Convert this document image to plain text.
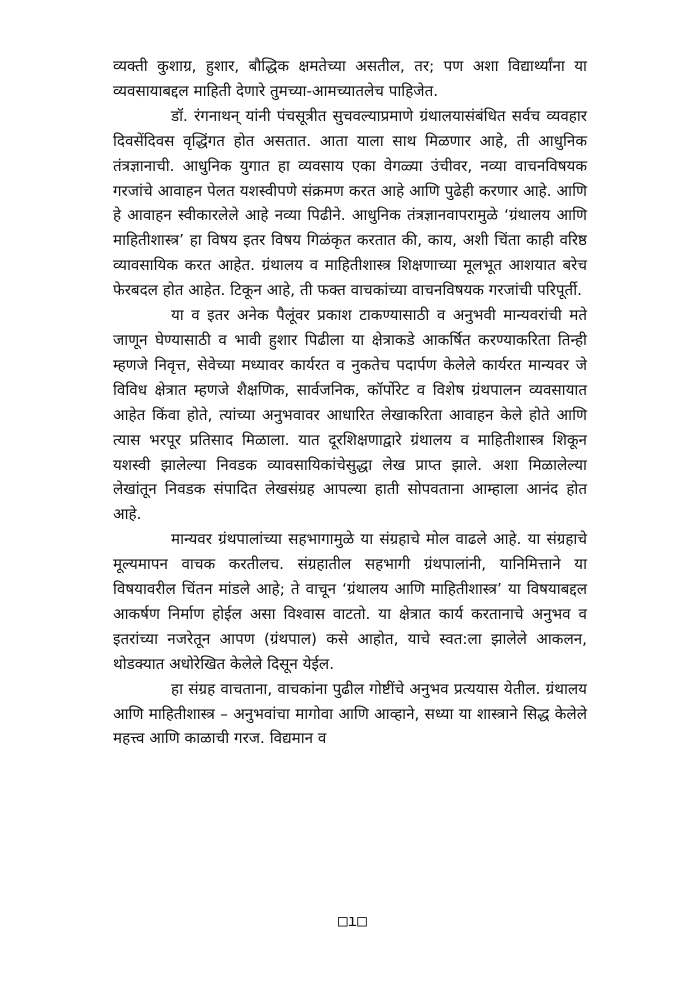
व्यक्ती कुशाग्र, हुशार, बौद्धिक क्षमतेच्या असतील, तर; पण अशा विद्यार्थ्यांना या व्यवसायाबद्दल माहिती देणारे तुमच्या-आमच्यातलेच पाहिजेत.

डॉ. रंगनाथन् यांनी पंचसूत्रीत सुचवल्याप्रमाणे ग्रंथालयासंबंधित सर्वच व्यवहार दिवसेंदिवस वृद्धिंगत होत असतात. आता याला साथ मिळणार आहे, ती आधुनिक तंत्रज्ञानाची. आधुनिक युगात हा व्यवसाय एका वेगळ्या उंचीवर, नव्या वाचनविषयक गरजांचे आवाहन पेलत यशस्वीपणे संक्रमण करत आहे आणि पुढेही करणार आहे. आणि हे आवाहन स्वीकारलेले आहे नव्या पिढीने. आधुनिक तंत्रज्ञानवापरामुळे ‘ग्रंथालय आणि माहितीशास्त्र’ हा विषय इतर विषय गिळंकृत करतात की, काय, अशी चिंता काही वरिष्ठ व्यावसायिक करत आहेत. ग्रंथालय व माहितीशास्त्र शिक्षणाच्या मूलभूत आशयात बरेच फेरबदल होत आहेत. टिकून आहे, ती फक्त वाचकांच्या वाचनविषयक गरजांची परिपूर्ती.

या व इतर अनेक पैलूंवर प्रकाश टाकण्यासाठी व अनुभवी मान्यवरांची मते जाणून घेण्यासाठी व भावी हुशार पिढीला या क्षेत्राकडे आकर्षित करण्याकरिता तिन्ही म्हणजे निवृत्त, सेवेच्या मध्यावर कार्यरत व नुकतेच पदार्पण केलेले कार्यरत मान्यवर जे विविध क्षेत्रात म्हणजे शैक्षणिक, सार्वजनिक, कॉर्पोरेट व विशेष ग्रंथपालन व्यवसायात आहेत किंवा होते, त्यांच्या अनुभवावर आधारित लेखाकरिता आवाहन केले होते आणि त्यास भरपूर प्रतिसाद मिळाला. यात दूरशिक्षणाद्वारे ग्रंथालय व माहितीशास्त्र शिकून यशस्वी झालेल्या निवडक व्यावसायिकांचेसुद्धा लेख प्राप्त झाले. अशा मिळालेल्या लेखांतून निवडक संपादित लेखसंग्रह आपल्या हाती सोपवताना आम्हाला आनंद होत आहे.

मान्यवर ग्रंथपालांच्या सहभागामुळे या संग्रहाचे मोल वाढले आहे. या संग्रहाचे मूल्यमापन वाचक करतीलच. संग्रहातील सहभागी ग्रंथपालांनी, यानिमित्ताने या विषयावरील चिंतन मांडले आहे; ते वाचून ‘ग्रंथालय आणि माहितीशास्त्र’ या विषयाबद्दल आकर्षण निर्माण होईल असा विश्वास वाटतो. या क्षेत्रात कार्य करतानाचे अनुभव व इतरांच्या नजरेतून आपण (ग्रंथपाल) कसे आहोत, याचे स्वत:ला झालेले आकलन, थोडक्यात अधोरेखित केलेले दिसून येईल.

हा संग्रह वाचताना, वाचकांना पुढील गोष्टींचे अनुभव प्रत्ययास येतील. ग्रंथालय आणि माहितीशास्त्र – अनुभवांचा मागोवा आणि आव्हाने, सध्या या शास्त्राने सिद्ध केलेले महत्त्व आणि काळाची गरज. विद्यमान व

□ı□
